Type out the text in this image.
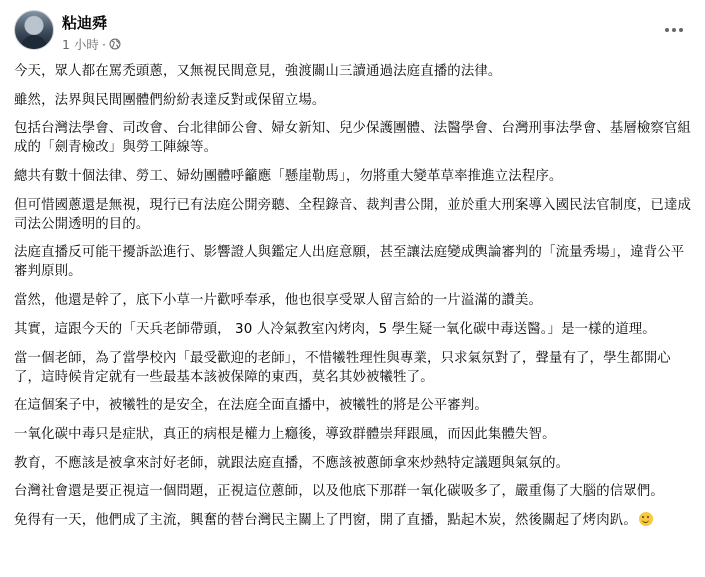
粘迪舜
1 小時 ·

今天，眾人都在罵禿頭蔥，又無視民間意見，強渡關山三讀通過法庭直播的法律。

雖然，法界與民間團體們紛紛表達反對或保留立場。

包括台灣法學會、司改會、台北律師公會、婦女新知、兒少保護團體、法醫學會、台灣刑事法學會、基層檢察官組成的「劍青檢改」與勞工陣線等。

總共有數十個法律、勞工、婦幼團體呼籲應「懸崖勒馬」，勿將重大變革草率推進立法程序。

但可惜國蔥還是無視，現行已有法庭公開旁聽、全程錄音、裁判書公開，並於重大刑案導入國民法官制度，已達成司法公開透明的目的。

法庭直播反可能干擾訴訟進行、影響證人與鑑定人出庭意願，甚至讓法庭變成輿論審判的「流量秀場」，違背公平審判原則。

當然，他還是幹了，底下小草一片歡呼奉承，他也很享受眾人留言給的一片溢滿的讚美。

其實，這跟今天的「天兵老師帶頭， 30 人冷氣教室內烤肉，5 學生疑一氧化碳中毒送醫。」是一樣的道理。

當一個老師，為了當學校內「最受歡迎的老師」，不惜犧牲理性與專業，只求氣氛對了，聲量有了，學生都開心了，這時候肯定就有一些最基本該被保障的東西，莫名其妙被犧牲了。

在這個案子中，被犧牲的是安全，在法庭全面直播中，被犧牲的將是公平審判。

一氧化碳中毒只是症狀，真正的病根是權力上癮後，導致群體崇拜跟風，而因此集體失智。

教育，不應該是被拿來討好老師，就跟法庭直播，不應該被蔥師拿來炒熱特定議題與氣氛的。

台灣社會還是要正視這一個問題，正視這位蔥師，以及他底下那群一氧化碳吸多了，嚴重傷了大腦的信眾們。

免得有一天，他們成了主流，興奮的替台灣民主關上了門窗，開了直播，點起木炭，然後關起了烤肉趴。
